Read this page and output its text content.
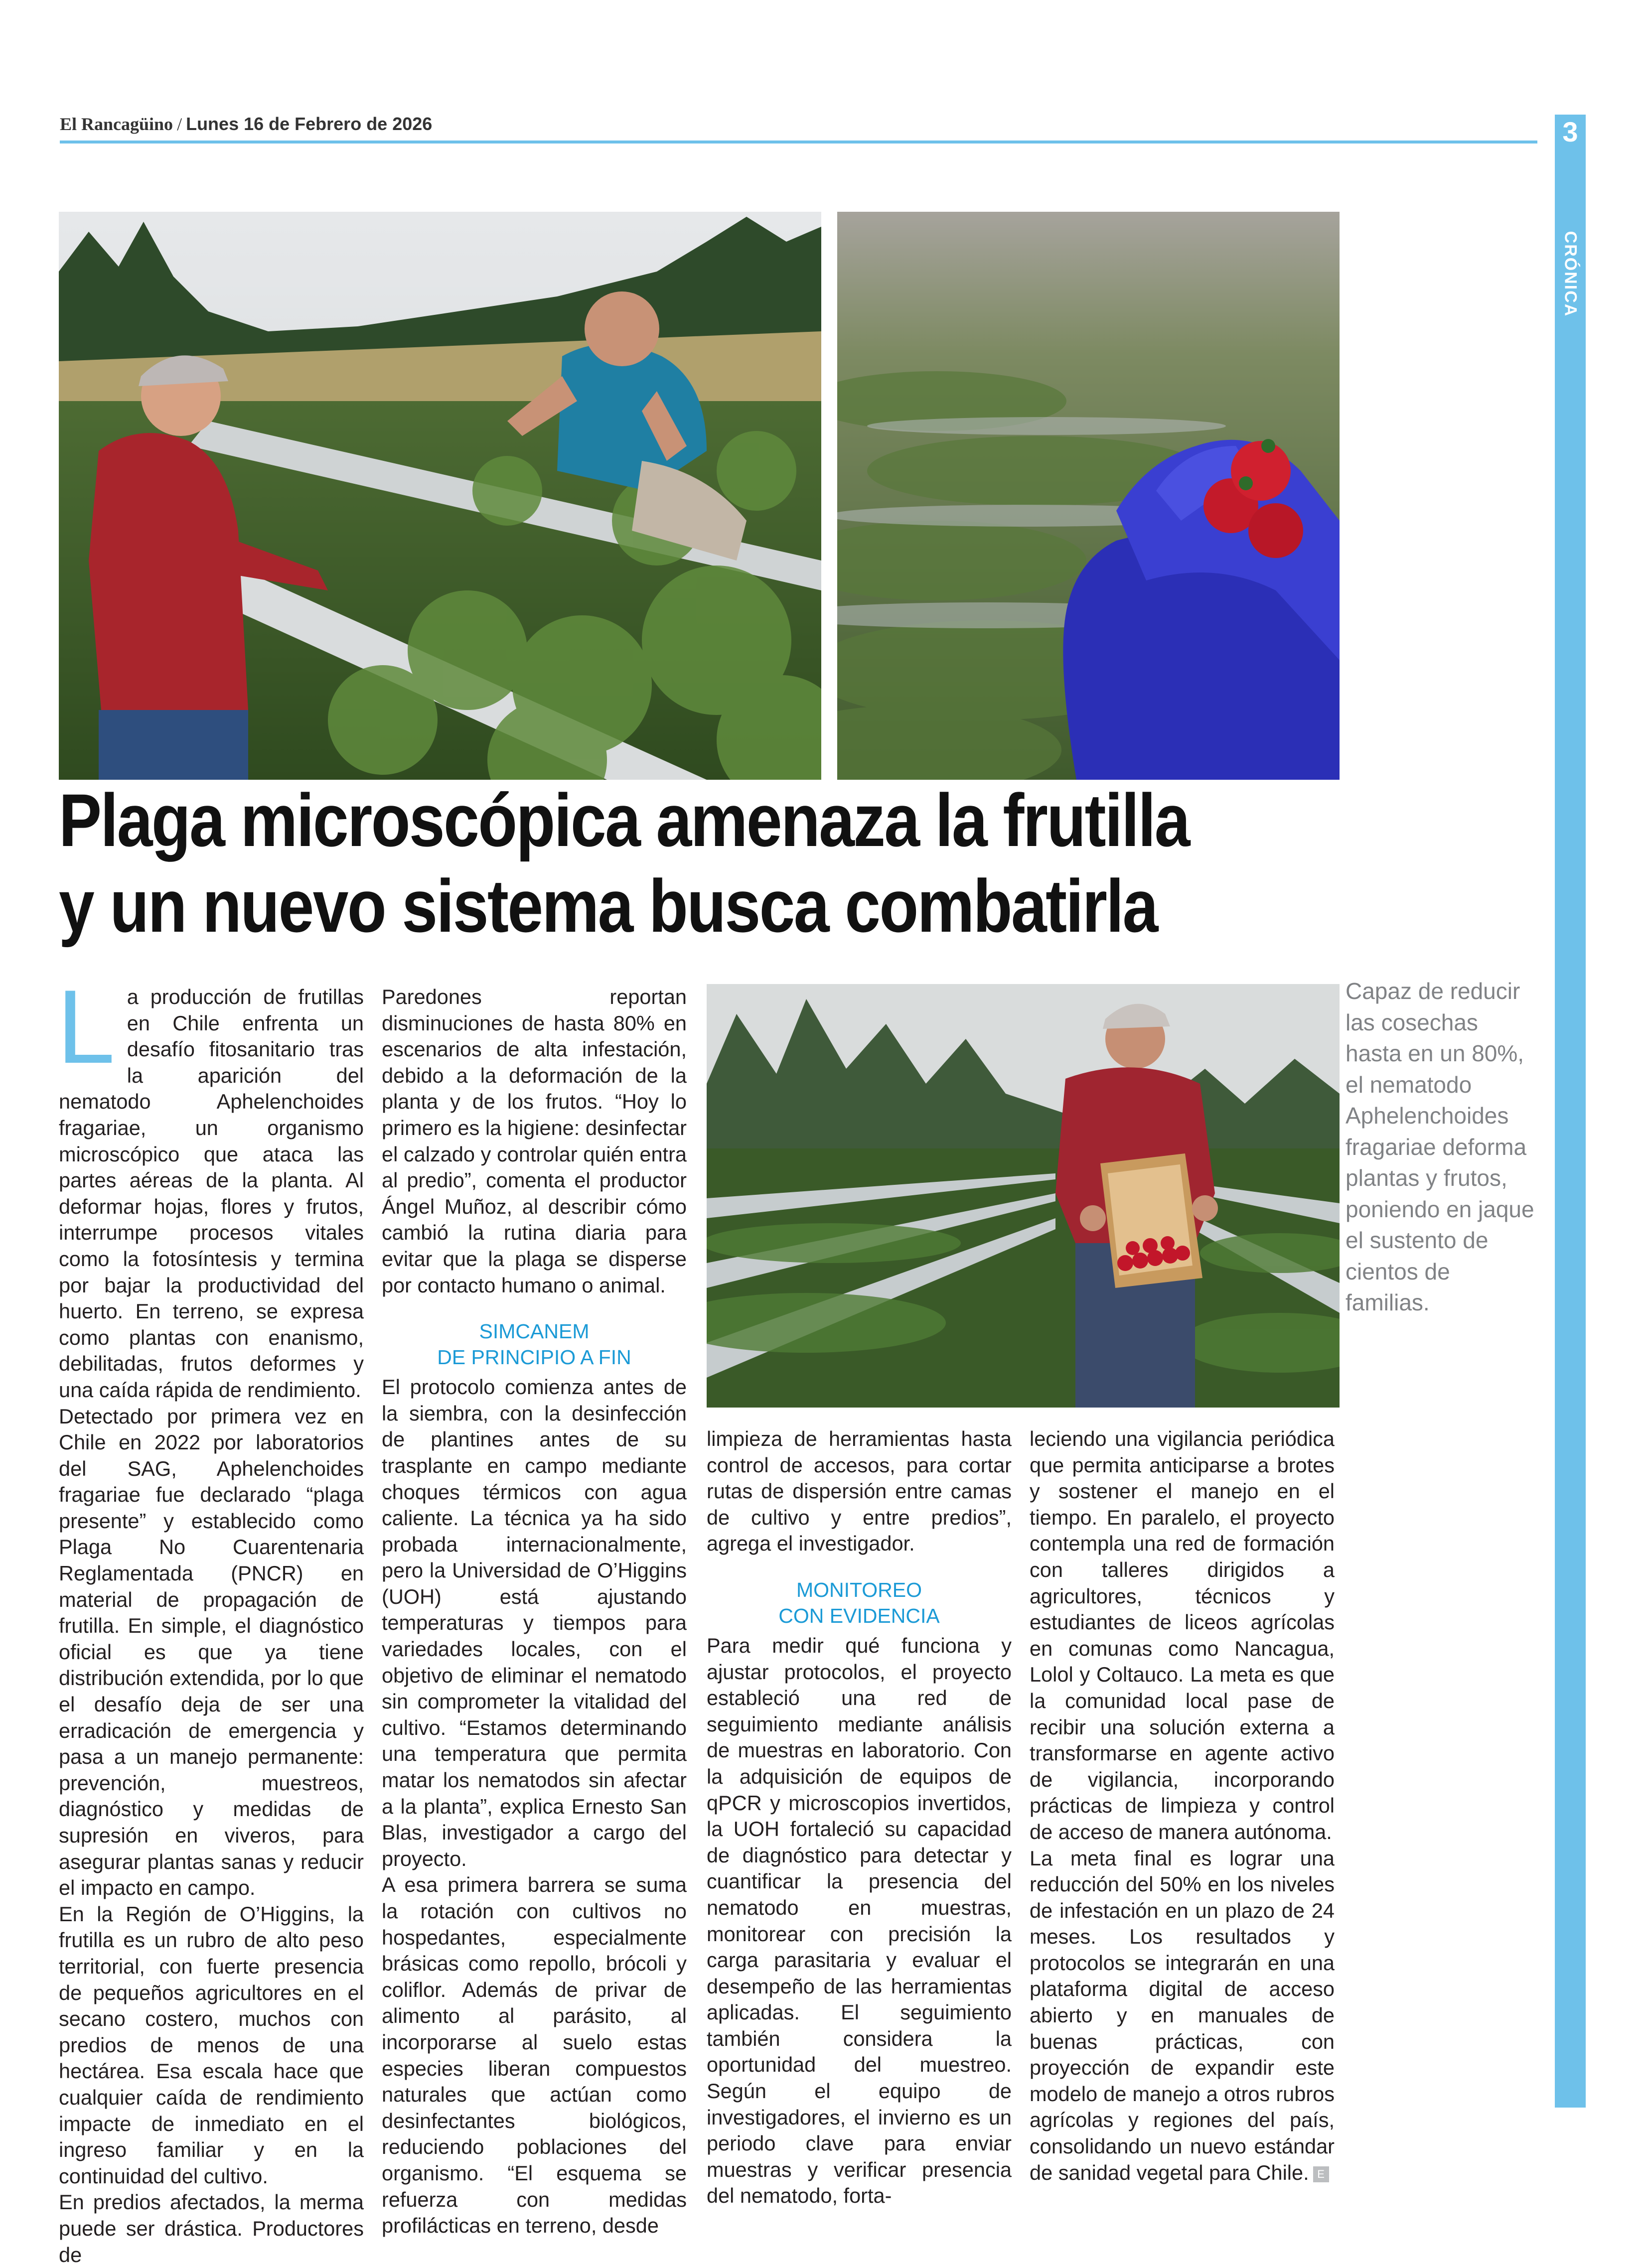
El Rancagüino / Lunes 16 de Febrero de 2026	3
CRÓNICA
Plaga microscópica amenaza la frutilla
y un nuevo sistema busca combatirla
L a producción de frutillas en Chile enfrenta un desafío fitosanitario tras la aparición del nematodo Aphelenchoides fragariae, un organismo microscópico que ataca las partes aéreas de la planta. Al deformar hojas, flores y frutos, interrumpe procesos vitales como la fotosíntesis y termina por bajar la productividad del huerto. En terreno, se expresa como plantas con enanismo, debilitadas, frutos deformes y una caída rápida de rendimiento.

Detectado por primera vez en Chile en 2022 por laboratorios del SAG, Aphelenchoides fragariae fue declarado “plaga presente” y establecido como Plaga No Cuarentenaria Reglamentada (PNCR) en material de propagación de frutilla. En simple, el diagnóstico oficial es que ya tiene distribución extendida, por lo que el desafío deja de ser una erradicación de emergencia y pasa a un manejo permanente: prevención, muestreos, diagnóstico y medidas de supresión en viveros, para asegurar plantas sanas y reducir el impacto en campo.

En la Región de O’Higgins, la frutilla es un rubro de alto peso territorial, con fuerte presencia de pequeños agricultores en el secano costero, muchos con predios de menos de una hectárea. Esa escala hace que cualquier caída de rendimiento impacte de inmediato en el ingreso familiar y en la continuidad del cultivo.

En predios afectados, la merma puede ser drástica. Productores de

Paredones reportan disminuciones de hasta 80% en escenarios de alta infestación, debido a la deformación de la planta y de los frutos. “Hoy lo primero es la higiene: desinfectar el calzado y controlar quién entra al predio”, comenta el productor Ángel Muñoz, al describir cómo cambió la rutina diaria para evitar que la plaga se disperse por contacto humano o animal.

SIMCANEM
DE PRINCIPIO A FIN

El protocolo comienza antes de la siembra, con la desinfección de plantines antes de su trasplante en campo mediante choques térmicos con agua caliente. La técnica ya ha sido probada internacionalmente, pero la Universidad de O’Higgins (UOH) está ajustando temperaturas y tiempos para variedades locales, con el objetivo de eliminar el nematodo sin comprometer la vitalidad del cultivo. “Estamos determinando una temperatura que permita matar los nematodos sin afectar a la planta”, explica Ernesto San Blas, investigador a cargo del proyecto.

A esa primera barrera se suma la rotación con cultivos no hospedantes, especialmente brásicas como repollo, brócoli y coliflor. Además de privar de alimento al parásito, al incorporarse al suelo estas especies liberan compuestos naturales que actúan como desinfectantes biológicos, reduciendo poblaciones del organismo. “El esquema se refuerza con medidas profilácticas en terreno, desde

limpieza de herramientas hasta control de accesos, para cortar rutas de dispersión entre camas de cultivo y entre predios”, agrega el investigador.

MONITOREO
CON EVIDENCIA

Para medir qué funciona y ajustar protocolos, el proyecto estableció una red de seguimiento mediante análisis de muestras en laboratorio. Con la adquisición de equipos de qPCR y microscopios invertidos, la UOH fortaleció su capacidad de diagnóstico para detectar y cuantificar la presencia del nematodo en muestras, monitorear con precisión la carga parasitaria y evaluar el desempeño de las herramientas aplicadas. El seguimiento también considera la oportunidad del muestreo. Según el equipo de investigadores, el invierno es un periodo clave para enviar muestras y verificar presencia del nematodo, forta-

leciendo una vigilancia periódica que permita anticiparse a brotes y sostener el manejo en el tiempo. En paralelo, el proyecto contempla una red de formación con talleres dirigidos a agricultores, técnicos y estudiantes de liceos agrícolas en comunas como Nancagua, Lolol y Coltauco. La meta es que la comunidad local pase de recibir una solución externa a transformarse en agente activo de vigilancia, incorporando prácticas de limpieza y control de acceso de manera autónoma.

La meta final es lograr una reducción del 50% en los niveles de infestación en un plazo de 24 meses. Los resultados y protocolos se integrarán en una plataforma digital de acceso abierto y en manuales de buenas prácticas, con proyección de expandir este modelo de manejo a otros rubros agrícolas y regiones del país, consolidando un nuevo estándar de sanidad vegetal para Chile. E

Capaz de reducir las cosechas hasta en un 80%, el nematodo Aphelenchoides fragariae deforma plantas y frutos, poniendo en jaque el sustento de cientos de familias.
